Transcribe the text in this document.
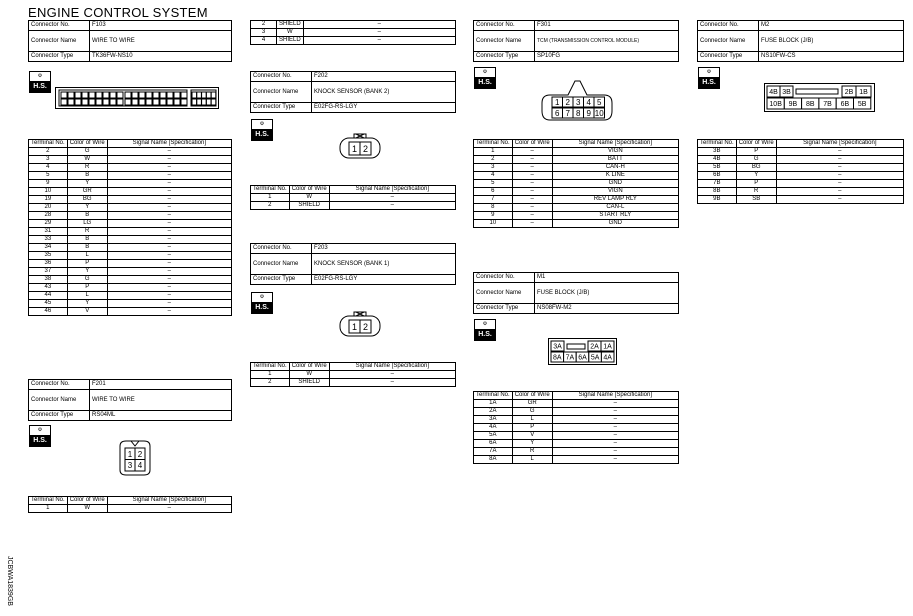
ENGINE CONTROL SYSTEM
JCBWA1839GB
Connector No.	F103
Connector Name	WIRE TO WIRE
Connector Type	TK36FW-NS10
⚙
H.S.
Terminal No.	Color of Wire	Signal Name [Specification]
2	G	–
3	W	–
4	R	–
5	B	–
9	Y	–
10	GR	–
19	BG	–
20	Y	–
28	B	–
29	LG	–
31	R	–
33	B	–
34	B	–
35	L	–
36	P	–
37	Y	–
38	G	–
43	P	–
44	L	–
45	Y	–
46	V	–
Connector No.	F201
Connector Name	WIRE TO WIRE
Connector Type	RS04ML
⚙
H.S.
1 2
3 4
Terminal No.	Color of Wire	Signal Name [Specification]
1	W	–
2	SHIELD	–
3	W	–
4	SHIELD	–
Connector No.	F202
Connector Name	KNOCK SENSOR (BANK 2)
Connector Type	E02FG-RS-LGY
⚙
H.S.
1 2
Terminal No.	Color of Wire	Signal Name [Specification]
1	W	–
2	SHIELD	–
Connector No.	F203
Connector Name	KNOCK SENSOR (BANK 1)
Connector Type	E02FG-RS-LGY
⚙
H.S.
1 2
Terminal No.	Color of Wire	Signal Name [Specification]
1	W	–
2	SHIELD	–
Connector No.	F301
Connector Name	TCM (TRANSMISSION CONTROL MODULE)
Connector Type	SP10FG
⚙
H.S.
1 2 3 4 5
6 7 8 9 10
Terminal No.	Color of Wire	Signal Name [Specification]
1	–	VIGN
2	–	BATT
3	–	CAN-H
4	–	K LINE
5	–	GND
6	–	VIGN
7	–	REV LAMP RLY
8	–	CAN-L
9	–	START RLY
10	–	GND
Connector No.	M1
Connector Name	FUSE BLOCK (J/B)
Connector Type	NS08FW-M2
⚙
H.S.
3A	2A 1A
8A 7A 6A 5A 4A
Terminal No.	Color of Wire	Signal Name [Specification]
1A	GR	–
2A	G	–
3A	L	–
4A	P	–
5A	V	–
6A	Y	–
7A	R	–
8A	L	–
Connector No.	M2
Connector Name	FUSE BLOCK (J/B)
Connector Type	NS10FW-CS
⚙
H.S.
4B 3B	2B 1B
10B 9B 8B 7B 6B 5B
Terminal No.	Color of Wire	Signal Name [Specification]
3B	P	–
4B	G	–
5B	BG	–
6B	Y	–
7B	P	–
8B	R	–
9B	SB	–
